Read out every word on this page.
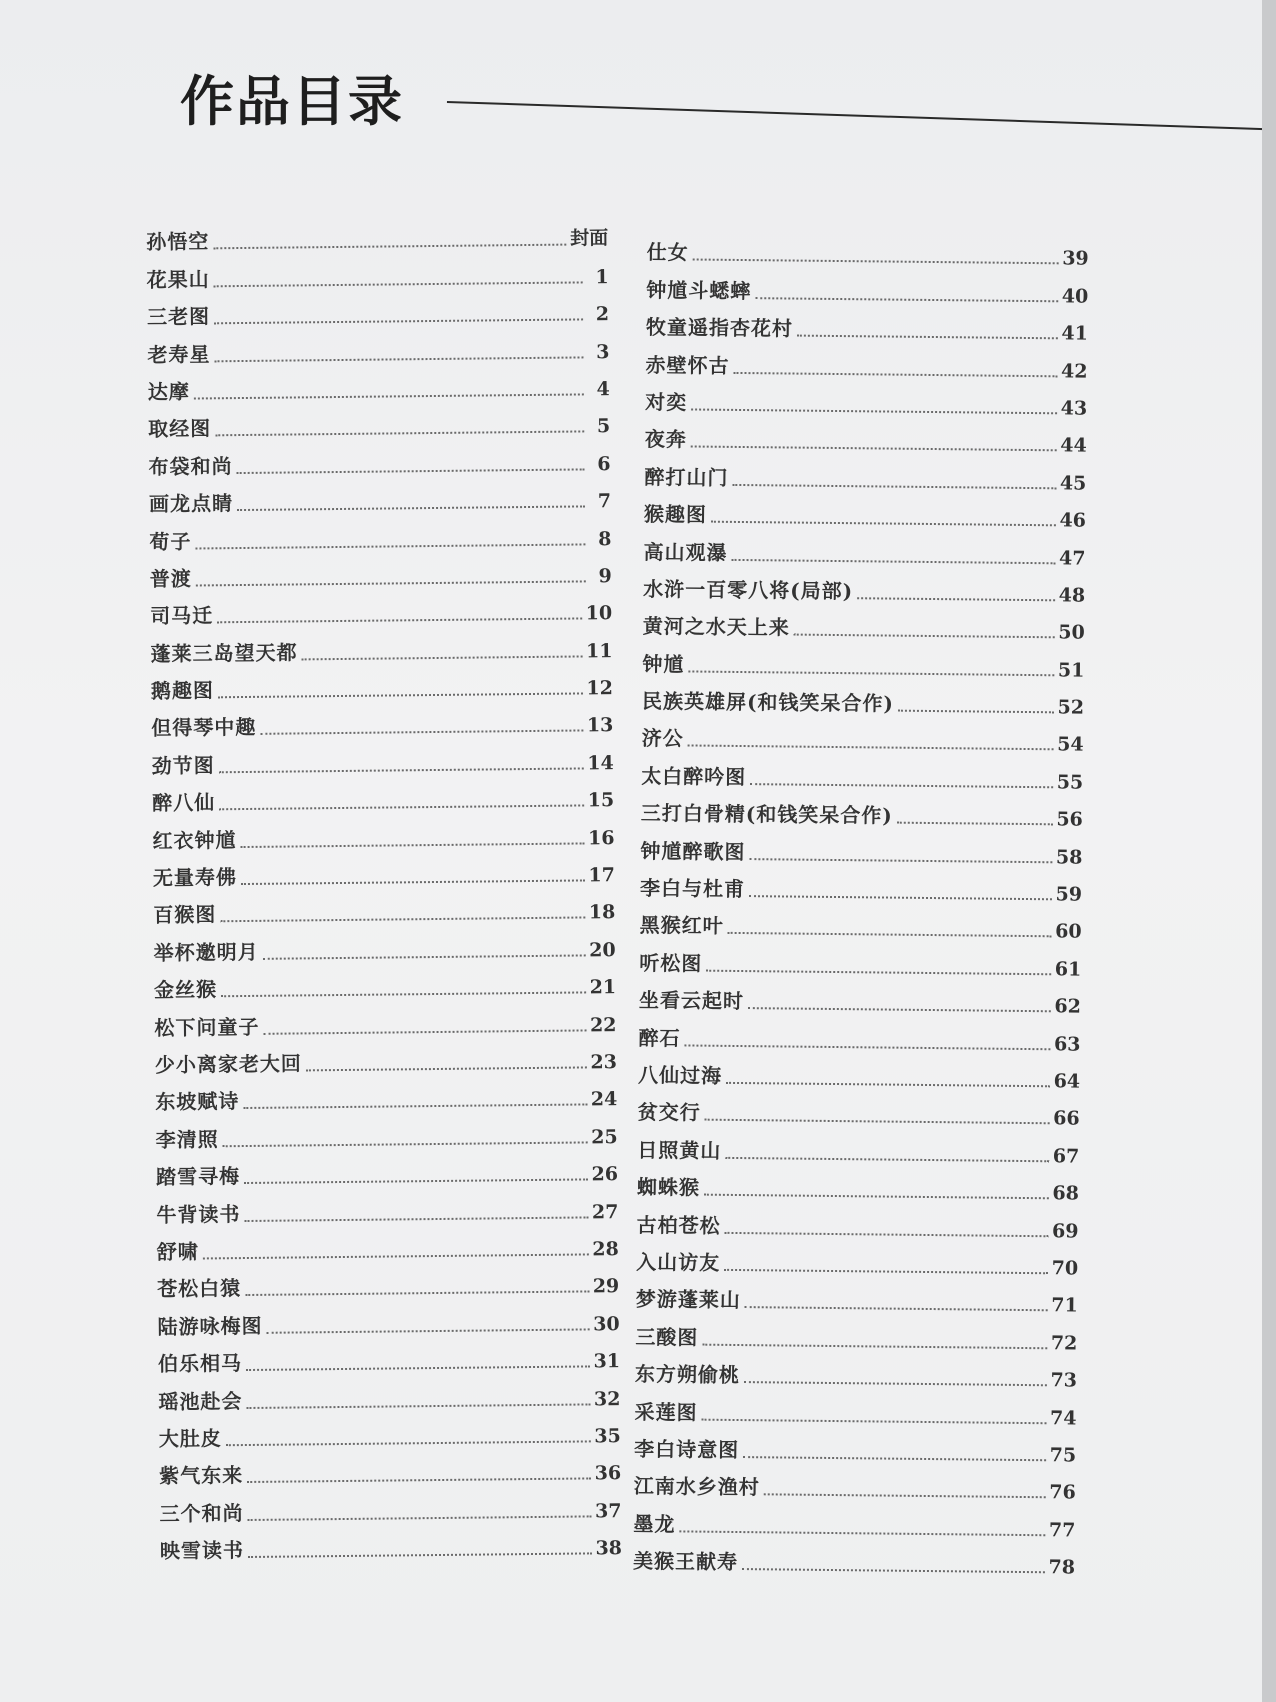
作品目录
孙悟空	封面
花果山	1
三老图	2
老寿星	3
达摩	4
取经图	5
布袋和尚	6
画龙点睛	7
荀子	8
普渡	9
司马迁	10
蓬莱三岛望天都	11
鹅趣图	12
但得琴中趣	13
劲节图	14
醉八仙	15
红衣钟馗	16
无量寿佛	17
百猴图	18
举杯邀明月	20
金丝猴	21
松下问童子	22
少小离家老大回	23
东坡赋诗	24
李清照	25
踏雪寻梅	26
牛背读书	27
舒啸	28
苍松白猿	29
陆游咏梅图	30
伯乐相马	31
瑶池赴会	32
大肚皮	35
紫气东来	36
三个和尚	37
映雪读书	38
仕女	39
钟馗斗蟋蟀	40
牧童遥指杏花村	41
赤壁怀古	42
对奕	43
夜奔	44
醉打山门	45
猴趣图	46
高山观瀑	47
水浒一百零八将(局部)	48
黄河之水天上来	50
钟馗	51
民族英雄屏(和钱笑呆合作)	52
济公	54
太白醉吟图	55
三打白骨精(和钱笑呆合作)	56
钟馗醉歌图	58
李白与杜甫	59
黑猴红叶	60
听松图	61
坐看云起时	62
醉石	63
八仙过海	64
贫交行	66
日照黄山	67
蜘蛛猴	68
古柏苍松	69
入山访友	70
梦游蓬莱山	71
三酸图	72
东方朔偷桃	73
采莲图	74
李白诗意图	75
江南水乡渔村	76
墨龙	77
美猴王献寿	78
